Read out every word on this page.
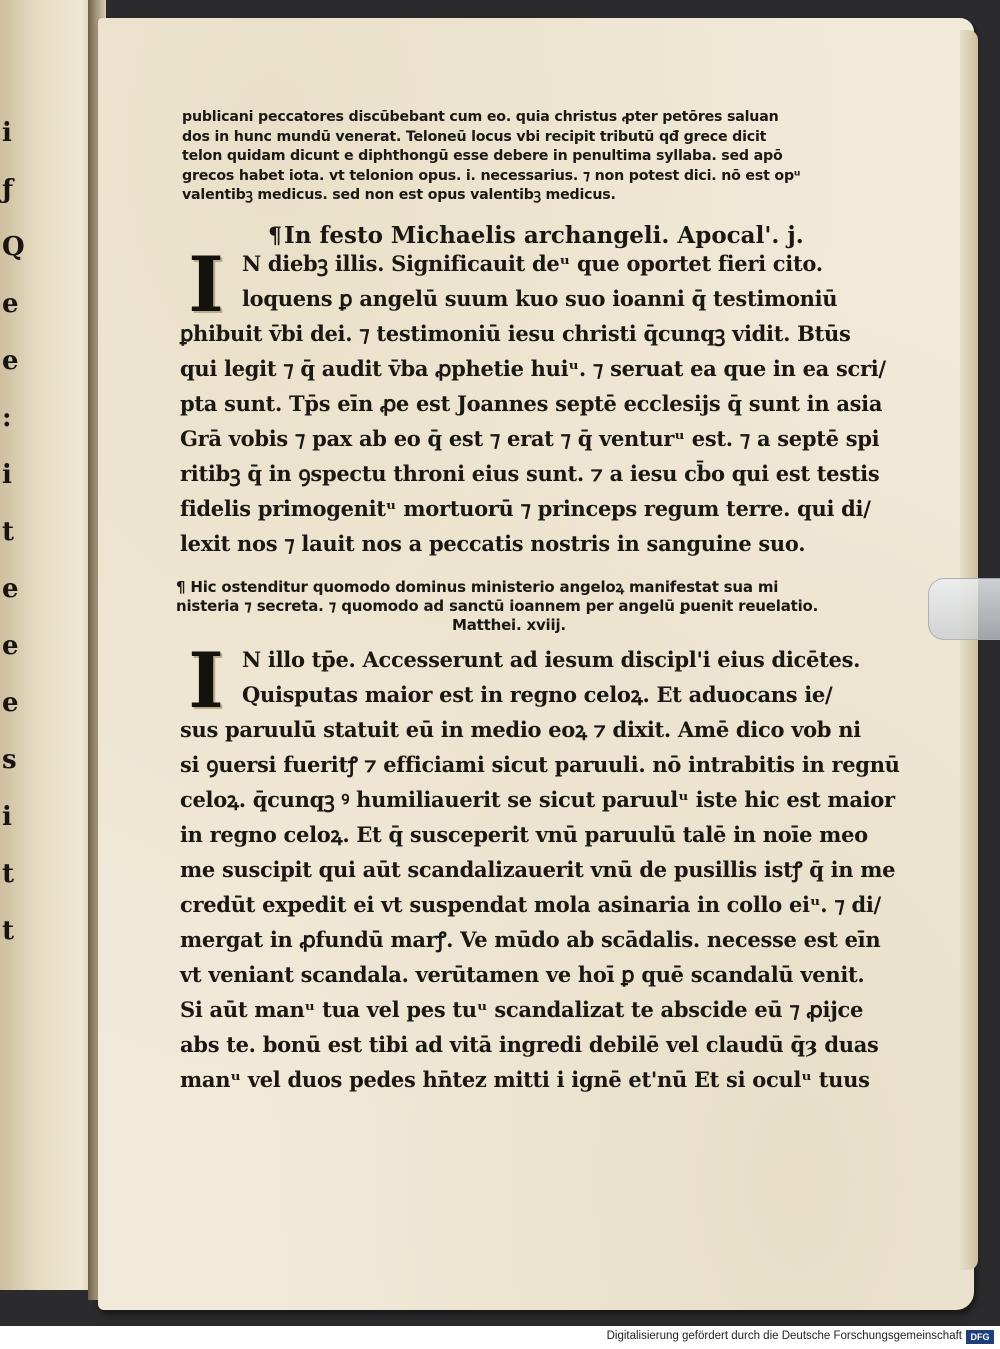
i
ƒ
Q
e
e
:
i
t
e
e
e
s
i
t
t
publicani peccatores discūbebant cum eo. quia christus ꝓter petōres saluan
dos in hunc mundū venerat. Teloneū locus vbi recipit tributū qđ grece dicit
telon quidam dicunt e diphthongū esse debere in penultima syllaba. sed apō
grecos habet iota. vt telonion opus. i. necessarius. ⁊ non potest dici. nō est opᵘ
valentibꝫ medicus. sed non est opus valentibꝫ medicus.
¶In festo Michaelis archangeli. Apocal'. j.
I N diebꝫ illis. Significauit deᵘ que oportet fieri cito.
loquens ꝑ angelū suum kuo suo ioanni q̄ testimoniū
ꝑhibuit v̄bi dei. ⁊ testimoniū iesu christi q̄cunqꝫ vidit. Btūs
qui legit ⁊ q̄ audit v̄ba ꝓphetie huiᵘ. ⁊ seruat ea que in ea scri/
pta sunt. Tp̄s eīn ꝓe est Joannes septē ecclesijs q̄ sunt in asia
Grā vobis ⁊ pax ab eo q̄ est ⁊ erat ⁊ q̄ venturᵘ est. ⁊ a septē spi
ritibꝫ q̄ in ꝯspectu throni eius sunt. ⁊ a iesu cb̄o qui est testis
fidelis primogenitᵘ mortuorū ⁊ princeps regum terre. qui di/
lexit nos ⁊ lauit nos a peccatis nostris in sanguine suo.
¶ Hic ostenditur quomodo dominus ministerio angeloꝝ manifestat sua mi
nisteria ⁊ secreta. ⁊ quomodo ad sanctū ioannem per angelū ꝑuenit reuelatio.
Matthei. xviij.
I N illo tp̄e. Accesserunt ad iesum discipl'i eius dicētes.
Quisputas maior est in regno celoꝝ. Et aduocans ie/
sus paruulū statuit eū in medio eoꝝ ⁊ dixit. Amē dico vob ni
si ꝯuersi fueritꝭ ⁊ efficiami sicut paruuli. nō intrabitis in regnū
celoꝝ. q̄cunqꝫ ꝰ humiliauerit se sicut paruulᵘ iste hic est maior
in regno celoꝝ. Et q̄ susceperit vnū paruulū talē in noīe meo
me suscipit qui aūt scandalizauerit vnū de pusillis istꝭ q̄ in me
credūt expedit ei vt suspendat mola asinaria in collo eiᵘ. ⁊ di/
mergat in ꝓfundū marꝭ. Ve mūdo ab scādalis. necesse est eīn
vt veniant scandala. verūtamen ve hoī ꝑ quē scandalū venit.
Si aūt manᵘ tua vel pes tuᵘ scandalizat te abscide eū ⁊ ꝓijce
abs te. bonū est tibi ad vitā ingredi debilē vel claudū q̄ȝ duas
manᵘ vel duos pedes hn̄tez mitti i ignē et'nū Et si oculᵘ tuus
Digitalisierung gefördert durch die Deutsche Forschungsgemeinschaft DFG
